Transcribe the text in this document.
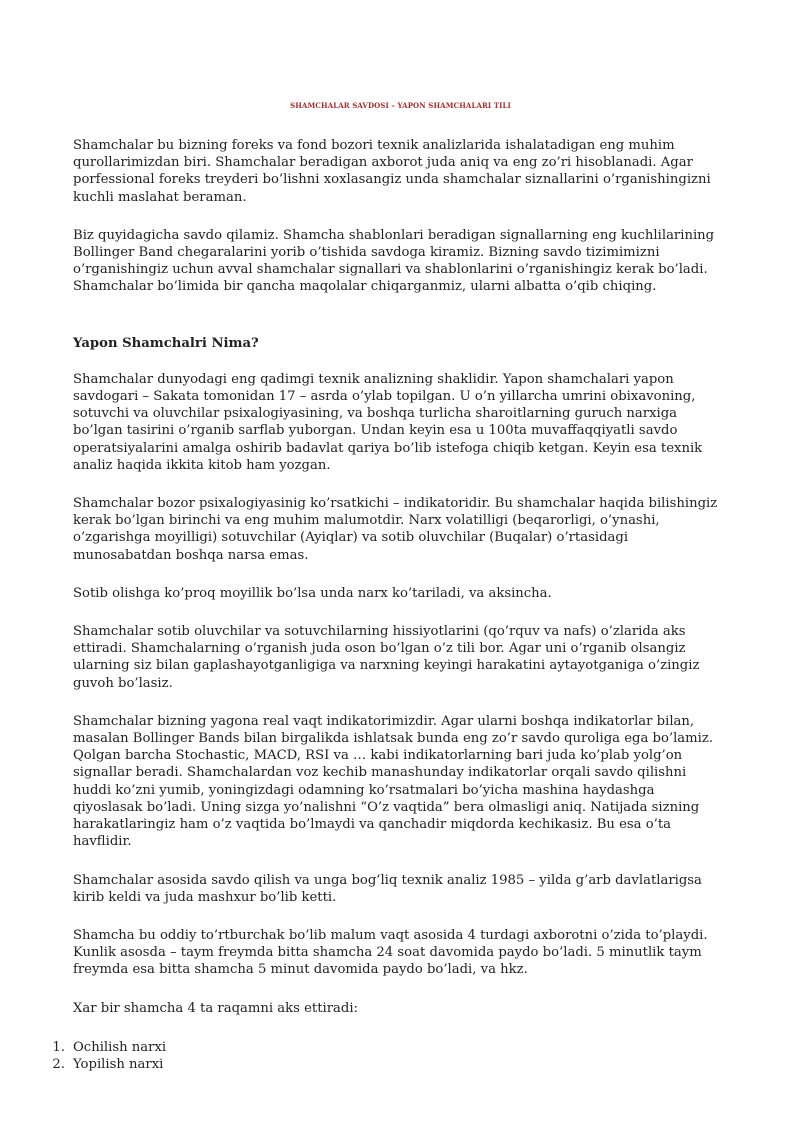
SHAMCHALAR SAVDOSI – YAPON SHAMCHALARI TILI

Shamchalar bu bizning foreks va fond bozori texnik analizlarida ishalatadigan eng muhim qurollarimizdan biri. Shamchalar beradigan axborot juda aniq va eng zo’ri hisoblanadi. Agar porfessional foreks treyderi bo’lishni xoxlasangiz unda shamchalar siznallarini o’rganishingizni kuchli maslahat beraman.

Biz quyidagicha savdo qilamiz. Shamcha shablonlari beradigan signallarning eng kuchlilarining Bollinger Band chegaralarini yorib o’tishida savdoga kiramiz. Bizning savdo tizimimizni o’rganishingiz uchun avval shamchalar signallari va shablonlarini o’rganishingiz kerak bo’ladi. Shamchalar bo’limida bir qancha maqolalar chiqarganmiz, ularni albatta o’qib chiqing.

Yapon Shamchalri Nima?

Shamchalar dunyodagi eng qadimgi texnik analizning shaklidir. Yapon shamchalari yapon savdogari – Sakata tomonidan 17 – asrda o’ylab topilgan. U o’n yillarcha umrini obixavoning, sotuvchi va oluvchilar psixalogiyasining, va boshqa turlicha sharoitlarning guruch narxiga bo’lgan tasirini o’rganib sarflab yuborgan. Undan keyin esa u 100ta muvaffaqqiyatli savdo operatsiyalarini amalga oshirib badavlat qariya bo’lib istefoga chiqib ketgan. Keyin esa texnik analiz haqida ikkita kitob ham yozgan.

Shamchalar bozor psixalogiyasinig ko’rsatkichi – indikatoridir. Bu shamchalar haqida bilishingiz kerak bo’lgan birinchi va eng muhim malumotdir. Narx volatilligi (beqarorligi, o’ynashi, o’zgarishga moyilligi) sotuvchilar (Ayiqlar) va sotib oluvchilar (Buqalar) o’rtasidagi munosabatdan boshqa narsa emas.

Sotib olishga ko’proq moyillik bo’lsa unda narx ko’tariladi, va aksincha.

Shamchalar sotib oluvchilar va sotuvchilarning hissiyotlarini (qo’rquv va nafs) o’zlarida aks ettiradi. Shamchalarning o’rganish juda oson bo’lgan o’z tili bor. Agar uni o’rganib olsangiz ularning siz bilan gaplashayotganligiga va narxning keyingi harakatini aytayotganiga o’zingiz guvoh bo’lasiz.

Shamchalar bizning yagona real vaqt indikatorimizdir. Agar ularni boshqa indikatorlar bilan, masalan Bollinger Bands bilan birgalikda ishlatsak bunda eng zo’r savdo quroliga ega bo’lamiz. Qolgan barcha Stochastic, MACD, RSI va … kabi indikatorlarning bari juda ko’plab yolg’on signallar beradi. Shamchalardan voz kechib manashunday indikatorlar orqali savdo qilishni huddi ko’zni yumib, yoningizdagi odamning ko’rsatmalari bo’yicha mashina haydashga qiyoslasak bo’ladi. Uning sizga yo’nalishni “O’z vaqtida” bera olmasligi aniq. Natijada sizning harakatlaringiz ham o’z vaqtida bo’lmaydi va qanchadir miqdorda kechikasiz. Bu esa o’ta havflidir.

Shamchalar asosida savdo qilish va unga bog’liq texnik analiz 1985 – yilda g’arb davlatlarigsa kirib keldi va juda mashxur bo’lib ketti.

Shamcha bu oddiy to’rtburchak bo’lib malum vaqt asosida 4 turdagi axborotni o’zida to’playdi. Kunlik asosda – taym freymda bitta shamcha 24 soat davomida paydo bo’ladi. 5 minutlik taym freymda esa bitta shamcha 5 minut davomida paydo bo’ladi, va hkz.

Xar bir shamcha 4 ta raqamni aks ettiradi:

1. Ochilish narxi
2. Yopilish narxi
